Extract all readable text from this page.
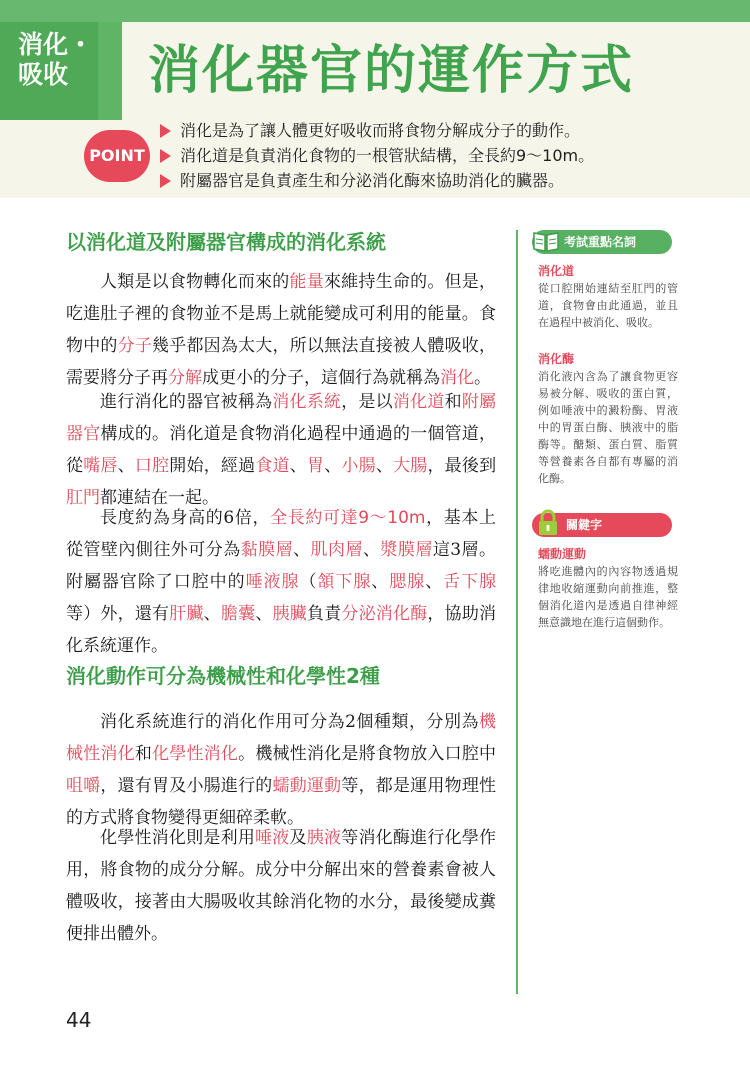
消化・
吸收	消化器官的運作方式
POINT
消化是為了讓人體更好吸收而將食物分解成分子的動作。
消化道是負責消化食物的一根管狀結構，全長約9～10m。
附屬器官是負責產生和分泌消化酶來協助消化的臟器。
以消化道及附屬器官構成的消化系統

人類是以食物轉化而來的能量來維持生命的。但是，吃進肚子裡的食物並不是馬上就能變成可利用的能量。食物中的分子幾乎都因為太大，所以無法直接被人體吸收，需要將分子再分解成更小的分子，這個行為就稱為消化。

進行消化的器官被稱為消化系統，是以消化道和附屬器官構成的。消化道是食物消化過程中通過的一個管道，從嘴唇、口腔開始，經過食道、胃、小腸、大腸，最後到肛門都連結在一起。

長度約為身高的6倍，全長約可達9～10m，基本上從管壁內側往外可分為黏膜層、肌肉層、漿膜層這3層。附屬器官除了口腔中的唾液腺（頷下腺、腮腺、舌下腺等）外，還有肝臟、膽囊、胰臟負責分泌消化酶，協助消化系統運作。

消化動作可分為機械性和化學性2種

消化系統進行的消化作用可分為2個種類，分別為機械性消化和化學性消化。機械性消化是將食物放入口腔中咀嚼，還有胃及小腸進行的蠕動運動等，都是運用物理性的方式將食物變得更細碎柔軟。

化學性消化則是利用唾液及胰液等消化酶進行化學作用，將食物的成分分解。成分中分解出來的營養素會被人體吸收，接著由大腸吸收其餘消化物的水分，最後變成糞便排出體外。

考試重點名詞
消化道
從口腔開始連結至肛門的管道，食物會由此通過，並且在過程中被消化、吸收。
消化酶
消化液內含為了讓食物更容易被分解、吸收的蛋白質，例如唾液中的澱粉酶、胃液中的胃蛋白酶、胰液中的脂酶等。醣類、蛋白質、脂質等營養素各自都有專屬的消化酶。
關鍵字
蠕動運動
將吃進體內的內容物透過規律地收縮運動向前推進，整個消化道內是透過自律神經無意識地在進行這個動作。
44
